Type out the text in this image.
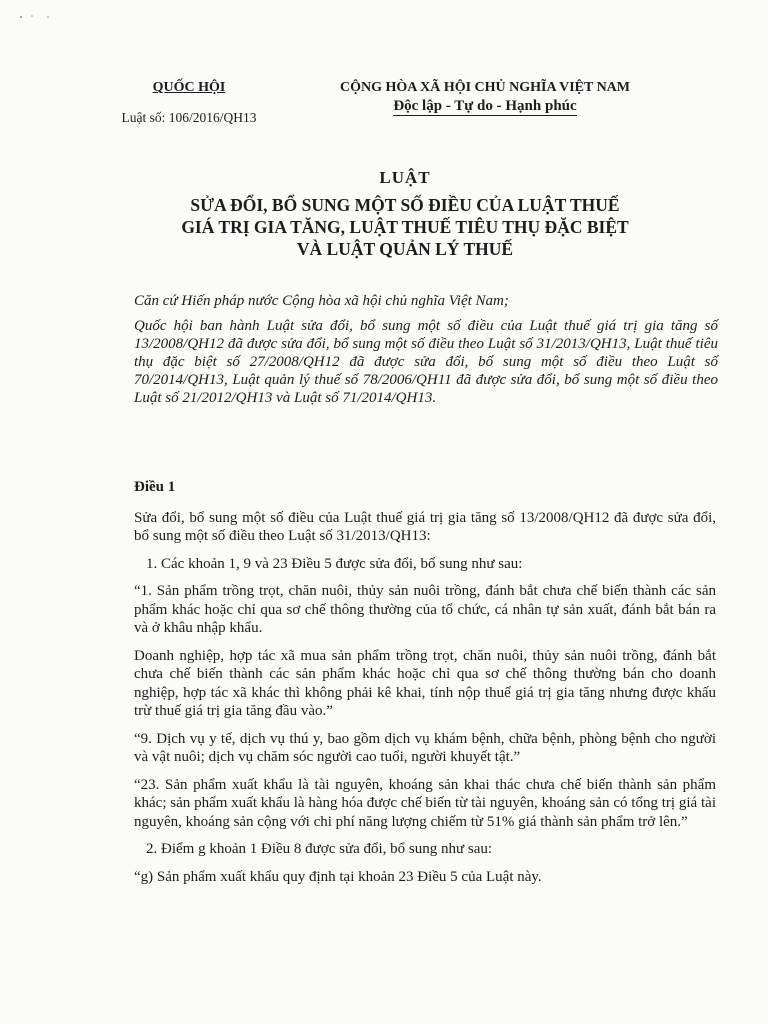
QUỐC HỘI
Luật số: 106/2016/QH13
CỘNG HÒA XÃ HỘI CHỦ NGHĨA VIỆT NAM
Độc lập - Tự do - Hạnh phúc
LUẬT
SỬA ĐỔI, BỔ SUNG MỘT SỐ ĐIỀU CỦA LUẬT THUẾ
GIÁ TRỊ GIA TĂNG, LUẬT THUẾ TIÊU THỤ ĐẶC BIỆT
VÀ LUẬT QUẢN LÝ THUẾ

Căn cứ Hiến pháp nước Cộng hòa xã hội chủ nghĩa Việt Nam;

Quốc hội ban hành Luật sửa đổi, bổ sung một số điều của Luật thuế giá trị gia tăng số 13/2008/QH12 đã được sửa đổi, bổ sung một số điều theo Luật số 31/2013/QH13, Luật thuế tiêu thụ đặc biệt số 27/2008/QH12 đã được sửa đổi, bổ sung một số điều theo Luật số 70/2014/QH13, Luật quản lý thuế số 78/2006/QH11 đã được sửa đổi, bổ sung một số điều theo Luật số 21/2012/QH13 và Luật số 71/2014/QH13.

Điều 1

Sửa đổi, bổ sung một số điều của Luật thuế giá trị gia tăng số 13/2008/QH12 đã được sửa đổi, bổ sung một số điều theo Luật số 31/2013/QH13:

1. Các khoản 1, 9 và 23 Điều 5 được sửa đổi, bổ sung như sau:

“1. Sản phẩm trồng trọt, chăn nuôi, thủy sản nuôi trồng, đánh bắt chưa chế biến thành các sản phẩm khác hoặc chỉ qua sơ chế thông thường của tổ chức, cá nhân tự sản xuất, đánh bắt bán ra và ở khâu nhập khẩu.

Doanh nghiệp, hợp tác xã mua sản phẩm trồng trọt, chăn nuôi, thủy sản nuôi trồng, đánh bắt chưa chế biến thành các sản phẩm khác hoặc chỉ qua sơ chế thông thường bán cho doanh nghiệp, hợp tác xã khác thì không phải kê khai, tính nộp thuế giá trị gia tăng nhưng được khấu trừ thuế giá trị gia tăng đầu vào.”

“9. Dịch vụ y tế, dịch vụ thú y, bao gồm dịch vụ khám bệnh, chữa bệnh, phòng bệnh cho người và vật nuôi; dịch vụ chăm sóc người cao tuổi, người khuyết tật.”

“23. Sản phẩm xuất khẩu là tài nguyên, khoáng sản khai thác chưa chế biến thành sản phẩm khác; sản phẩm xuất khẩu là hàng hóa được chế biến từ tài nguyên, khoáng sản có tổng trị giá tài nguyên, khoáng sản cộng với chi phí năng lượng chiếm từ 51% giá thành sản phẩm trở lên.”

2. Điểm g khoản 1 Điều 8 được sửa đổi, bổ sung như sau:

“g) Sản phẩm xuất khẩu quy định tại khoản 23 Điều 5 của Luật này.
